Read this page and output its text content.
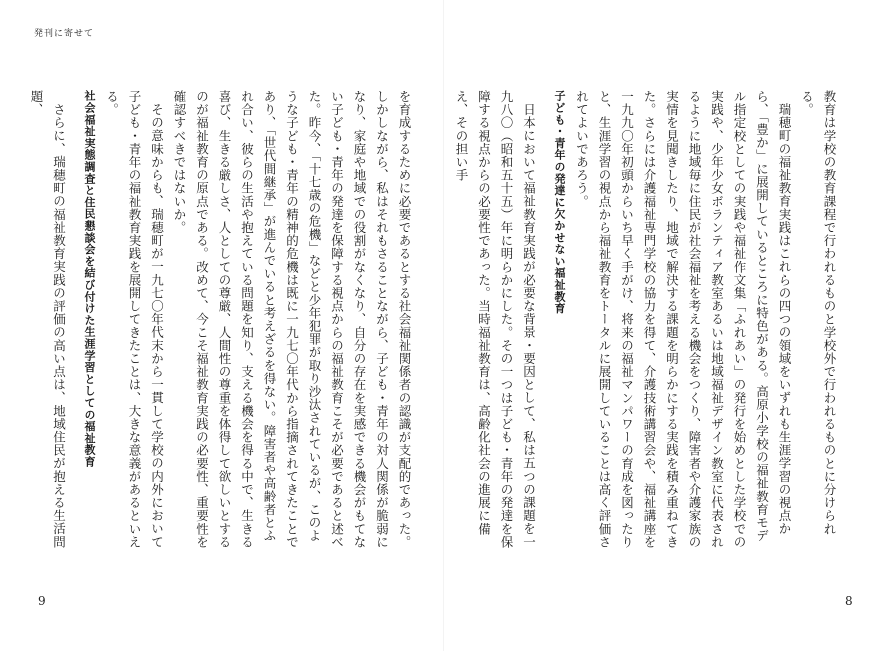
発刊に寄せて

教育は学校の教育課程で行われるものと学校外で行われるものとに分けられる。

瑞穂町の福祉教育実践はこれらの四つの領域をいずれも生涯学習の視点から、「豊か」に展開しているところに特色がある。高原小学校の福祉教育モデル指定校としての実践や福祉作文集「ふれあい」の発行を始めとした学校での実践や、少年少女ボランティア教室あるいは地域福祉デザイン教室に代表されるように地域毎に住民が社会福祉を考える機会をつくり、障害者や介護家族の実情を見聞きしたり、地域で解決する課題を明らかにする実践を積み重ねてきた。さらには介護福祉専門学校の協力を得て、介護技術講習会や、福祉講座を一九九〇年初頭からいち早く手がけ、将来の福祉マンパワーの育成を図ったりと、生涯学習の視点から福祉教育をトータルに展開していることは高く評価されてよいであろう。

子ども・青年の発達に欠かせない福祉教育

日本において福祉教育実践が必要な背景・要因として、私は五つの課題を一九八〇（昭和五十五）年に明らかにした。その一つは子ども・青年の発達を保障する視点からの必要性であった。当時福祉教育は、高齢化社会の進展に備え、その担い手

を育成するために必要であるとする社会福祉関係者の認識が支配的であった。しかしながら、私はそれもさることながら、子ども・青年の対人関係が脆弱になり、家庭や地域での役割がなくなり、自分の存在を実感できる機会がもてない子ども・青年の発達を保障する視点からの福祉教育こそが必要であると述べた。昨今、「十七歳の危機」などと少年犯罪が取り沙汰されているが、このような子ども・青年の精神的危機は既に一九七〇年代から指摘されてきたことであり、「世代間継承」が進んでいると考えざるを得ない。障害者や高齢者とふれ合い、彼らの生活や抱えている問題を知り、支える機会を得る中で、生きる喜び、生きる厳しさ、人としての尊厳、人間性の尊重を体得して欲しいとするのが福祉教育の原点である。改めて、今こそ福祉教育実践の必要性、重要性を確認すべきではないか。

その意味からも、瑞穂町が一九七〇年代末から一貫して学校の内外において子ども・青年の福祉教育実践を展開してきたことは、大きな意義があるといえる。

社会福祉実態調査と住民懇談会を結び付けた生涯学習としての福祉教育

さらに、瑞穂町の福祉教育実践の評価の高い点は、地域住民が抱える生活問題、

9	8
